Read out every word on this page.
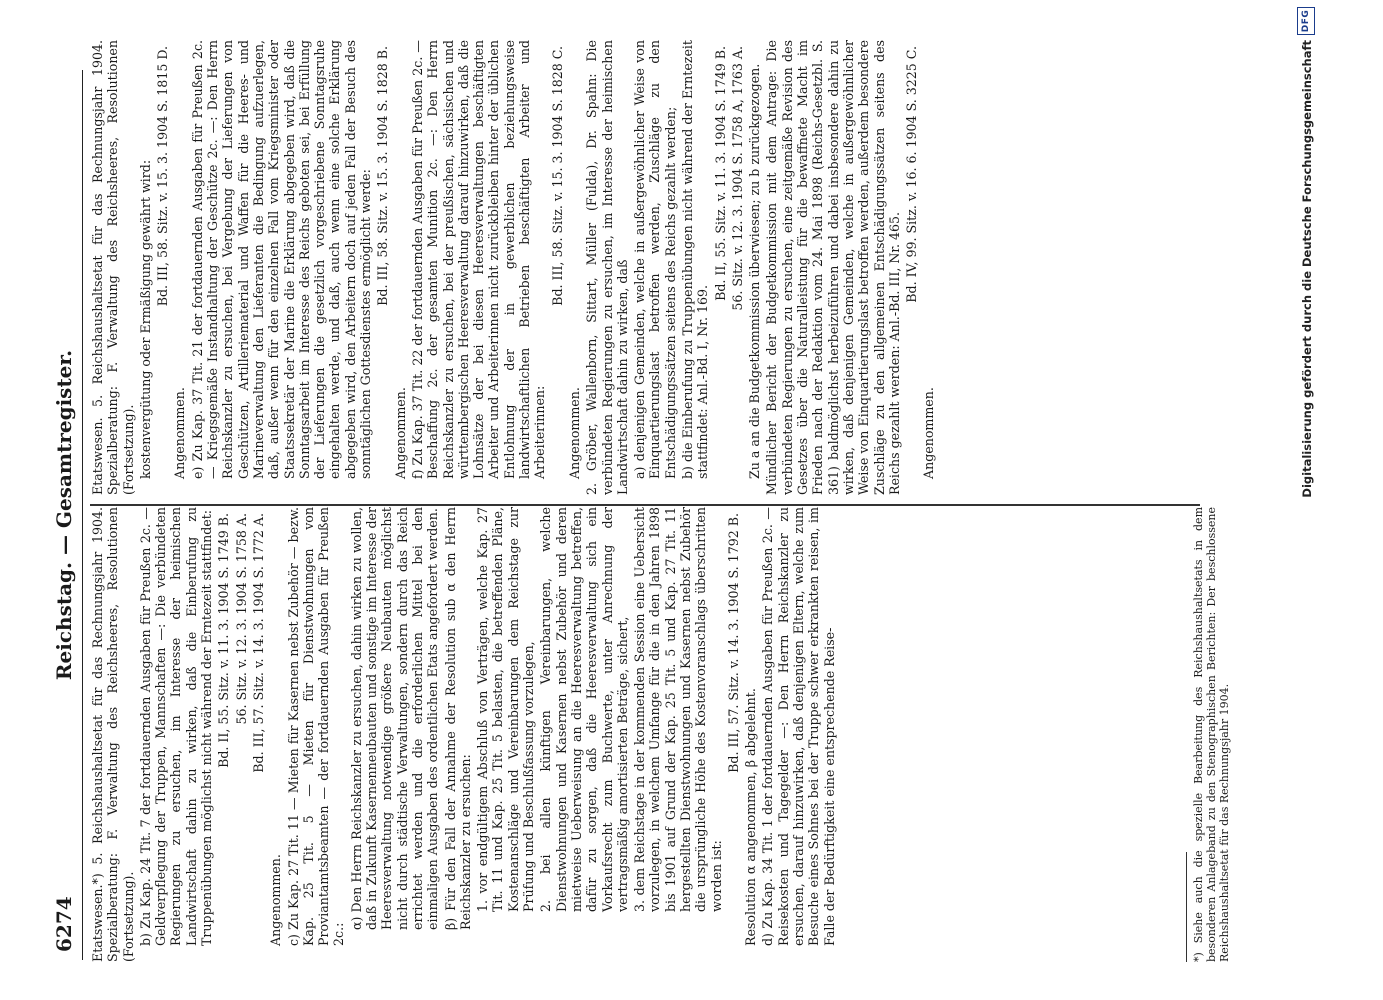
6274
Reichstag. — Gesamtregister. Etatswesen.*) 5. Reichshaushaltsetat für das Rechnungsjahr 1904. Spezialberatung: F. Verwaltung des Reichsheeres, Resolutionen (Fortsetzung). b) Zu Kap. 24 Tit. 7 der fortdauernden Ausgaben für Preußen 2c. — Geldverpflegung der Truppen, Mannschaften —: Die verbündeten Regierungen zu ersuchen, im Interesse der heimischen Landwirtschaft dahin zu wirken, daß die Einberufung zu Truppenübungen möglichst nicht während der Erntezeit stattfindet: Bd. II, 55. Sitz. v. 11. 3. 1904 S. 1749 B. 56. Sitz. v. 12. 3. 1904 S. 1758 A. Bd. III, 57. Sitz. v. 14. 3. 1904 S. 1772 A.

Angenommen. c) Zu Kap. 27 Tit. 11 — Mieten für Kasernen nebst Zubehör — bezw. Kap. 25 Tit. 5 — Mieten für Dienstwohnungen von Proviantamtsbeamten — der fortdauernden Ausgaben für Preußen 2c.:

α) Den Herrn Reichskanzler zu ersuchen, dahin wirken zu wollen, daß in Zukunft Kasernenneubauten und sonstige im Interesse der Heeresverwaltung notwendige größere Neubauten möglichst nicht durch städtische Verwaltungen, sondern durch das Reich errichtet werden und die erforderlichen Mittel bei den einmaligen Ausgaben des ordentlichen Etats angefordert werden. β) Für den Fall der Annahme der Resolution sub α den Herrn Reichskanzler zu ersuchen: 1. vor endgültigem Abschluß von Verträgen, welche Kap. 27 Tit. 11 und Kap. 25 Tit. 5 belasten, die betreffenden Pläne, Kostenanschläge und Vereinbarungen dem Reichstage zur Prüfung und Beschlußfassung vorzulegen, 2. bei allen künftigen Vereinbarungen, welche Dienstwohnungen und Kasernen nebst Zubehör und deren mietweise Ueberweisung an die Heeresverwaltung betreffen, dafür zu sorgen, daß die Heeresverwaltung sich ein Vorkaufsrecht zum Buchwerte, unter Anrechnung der vertragsmäßig amortisierten Beträge, sichert, 3. dem Reichstage in der kommenden Session eine Uebersicht vorzulegen, in welchem Umfange für die in den Jahren 1898 bis 1901 auf Grund der Kap. 25 Tit. 5 und Kap. 27 Tit. 11 hergestellten Dienstwohnungen und Kasernen nebst Zubehör die ursprüngliche Höhe des Kostenvoranschlags überschritten worden ist:

Bd. III, 57. Sitz. v. 14. 3. 1904 S. 1792 B.

Resolution α angenommen, β abgelehnt. d) Zu Kap. 34 Tit. 1 der fortdauernden Ausgaben für Preußen 2c. — Reisekosten und Tagegelder —: Den Herrn Reichskanzler zu ersuchen, darauf hinzuwirken, daß denjenigen Eltern, welche zum Besuche eines Sohnes bei der Truppe schwer erkrankten reisen, im Falle der Bedürftigkeit eine entsprechende Reise-

Etatswesen. 5. Reichshaushaltsetat für das Rechnungsjahr 1904. Spezialberatung: F. Verwaltung des Reichsheeres, Resolutionen (Fortsetzung). kostenvergütung oder Ermäßigung gewährt wird: Bd. III, 58. Sitz. v. 15. 3. 1904 S. 1815 D.

Angenommen. e) Zu Kap. 37 Tit. 21 der fortdauernden Ausgaben für Preußen 2c. — Kriegsgemäße Instandhaltung der Geschütze 2c. —: Den Herrn Reichskanzler zu ersuchen, bei Vergebung der Lieferungen von Geschützen, Artilleriematerial und Waffen für die Heeres- und Marineverwaltung den Lieferanten die Bedingung aufzuerlegen, daß, außer wenn für den einzelnen Fall vom Kriegsminister oder Staatssekretär der Marine die Erklärung abgegeben wird, daß die Sonntagsarbeit im Interesse des Reichs geboten sei, bei Erfüllung der Lieferungen die gesetzlich vorgeschriebene Sonntagsruhe eingehalten werde, und daß, auch wenn eine solche Erklärung abgegeben wird, den Arbeitern doch auf jeden Fall der Besuch des sonntäglichen Gottesdienstes ermöglicht werde: Bd. III, 58. Sitz. v. 15. 3. 1904 S. 1828 B.

Angenommen. f) Zu Kap. 37 Tit. 22 der fortdauernden Ausgaben für Preußen 2c. — Beschaffung 2c. der gesamten Munition 2c. —: Den Herrn Reichskanzler zu ersuchen, bei der preußischen, sächsischen und württembergischen Heeresverwaltung darauf hinzuwirken, daß die Lohnsätze der bei diesen Heeresverwaltungen beschäftigten Arbeiter und Arbeiterinnen nicht zurückbleiben hinter der üblichen Entlohnung der in gewerblichen beziehungsweise landwirtschaftlichen Betrieben beschäftigten Arbeiter und Arbeiterinnen:

Bd. III, 58. Sitz. v. 15. 3. 1904 S. 1828 C.

Angenommen. 2. Gröber, Wallenborn, Sittart, Müller (Fulda), Dr. Spahn: Die verbündeten Regierungen zu ersuchen, im Interesse der heimischen Landwirtschaft dahin zu wirken, daß a) denjenigen Gemeinden, welche in außergewöhnlicher Weise von Einquartierungslast betroffen werden, Zuschläge zu den Entschädigungssätzen seitens des Reichs gezahlt werden; b) die Einberufung zu Truppenübungen nicht während der Erntezeit stattfindet: Anl.-Bd. I, Nr. 169.

Bd. II, 55. Sitz. v. 11. 3. 1904 S. 1749 B. 56. Sitz. v. 12. 3. 1904 S. 1758 A, 1763 A. Zu a an die Budgetkommission überwiesen; zu b zurückgezogen. Mündlicher Bericht der Budgetkommission mit dem Antrage: Die verbündeten Regierungen zu ersuchen, eine zeitgemäße Revision des Gesetzes über die Naturalleistung für die bewaffnete Macht im Frieden nach der Redaktion vom 24. Mai 1898 (Reichs-Gesetzbl. S. 361) baldmöglichst herbeizuführen und dabei insbesondere dahin zu wirken, daß denjenigen Gemeinden, welche in außergewöhnlicher Weise von Einquartierungslast betroffen werden, außerdem besondere Zuschläge zu den allgemeinen Entschädigungssätzen seitens des Reichs gezahlt werden: Anl.-Bd. III, Nr. 465.

Bd. IV, 99. Sitz. v. 16. 6. 1904 S. 3225 C.

Angenommen.

*) Siehe auch die spezielle Bearbeitung des Reichshaushaltsetats in dem besonderen Anlageband zu den Stenographischen Berichten: Der beschlossene Reichshaushaltsetat für das Rechnungsjahr 1904.
Digitalisierung gefördert durch die Deutsche Forschungsgemeinschaft
DFG
